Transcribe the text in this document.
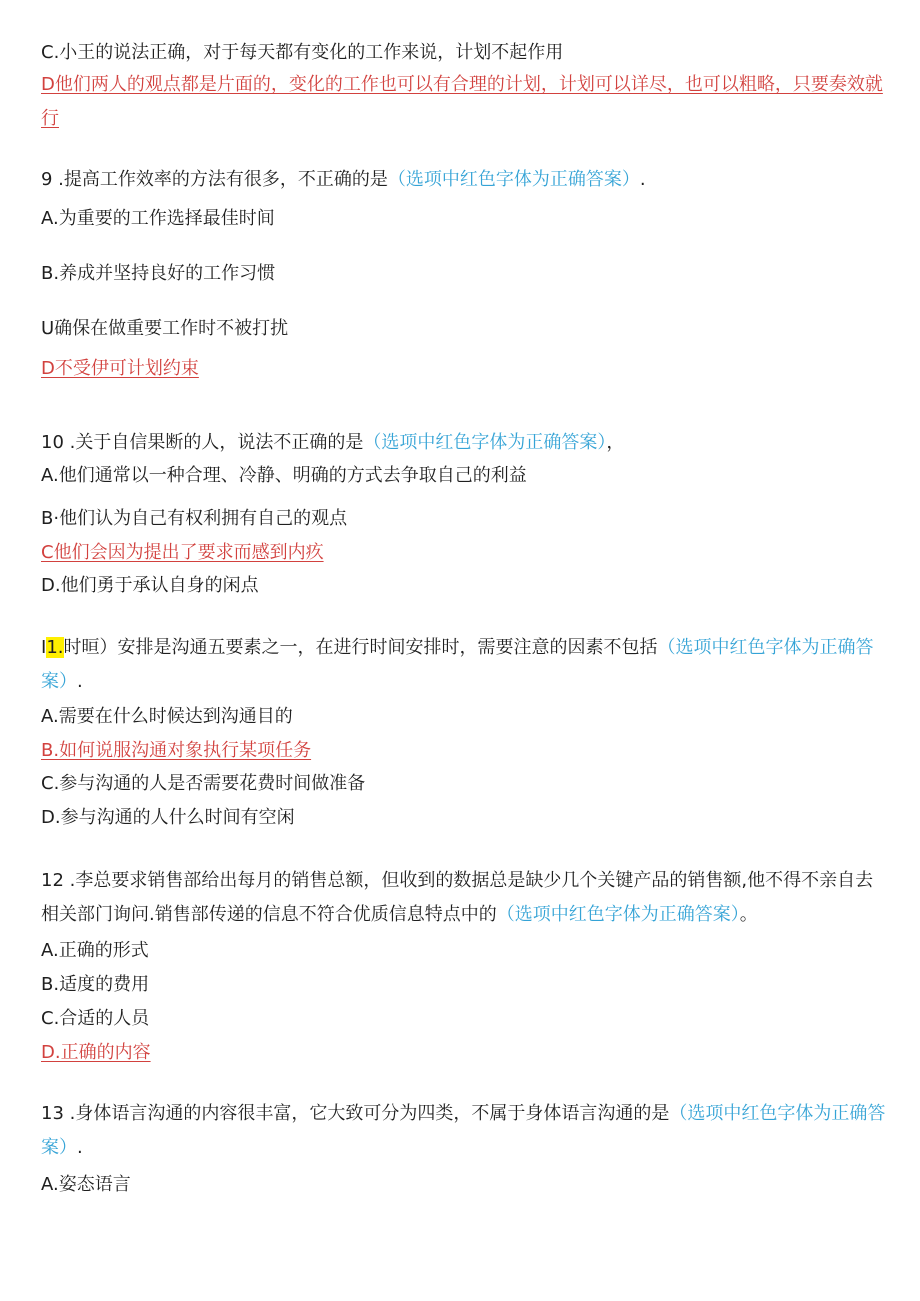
C.小王的说法正确，对于每天都有变化的工作来说，计划不起作用
D他们两人的观点都是片面的，变化的工作也可以有合理的计划，计划可以详尽，也可以粗略，只要奏效就行
9 .提高工作效率的方法有很多，不正确的是（选项中红色字体为正确答案）.
A.为重要的工作选择最佳时间
B.养成并坚持良好的工作习惯
U确保在做重要工作时不被打扰
D不受伊可计划约束
10 .关于自信果断的人，说法不正确的是（选项中红色字体为正确答案），
A.他们通常以一种合理、冷静、明确的方式去争取自己的利益
B·他们认为自己有权利拥有自己的观点
C他们会因为提出了要求而感到内疚
D.他们勇于承认自身的闲点
I1.时晅）安排是沟通五要素之一，在进行时间安排时，需要注意的因素不包括（选项中红色字体为正确答案）.
A.需要在什么时候达到沟通目的
B.如何说服沟通对象执行某项任务
C.参与沟通的人是否需要花费时间做准备
D.参与沟通的人什么时间有空闲
12 .李总要求销售部给出每月的销售总额，但收到的数据总是缺少几个关键产品的销售额,他不得不亲自去相关部门询问.销售部传递的信息不符合优质信息特点中的（选项中红色字体为正确答案）。
A.正确的形式
B.适度的费用
C.合适的人员
D.正确的内容
13 .身体语言沟通的内容很丰富，它大致可分为四类，不属于身体语言沟通的是（选项中红色字体为正确答案）.
A.姿态语言
